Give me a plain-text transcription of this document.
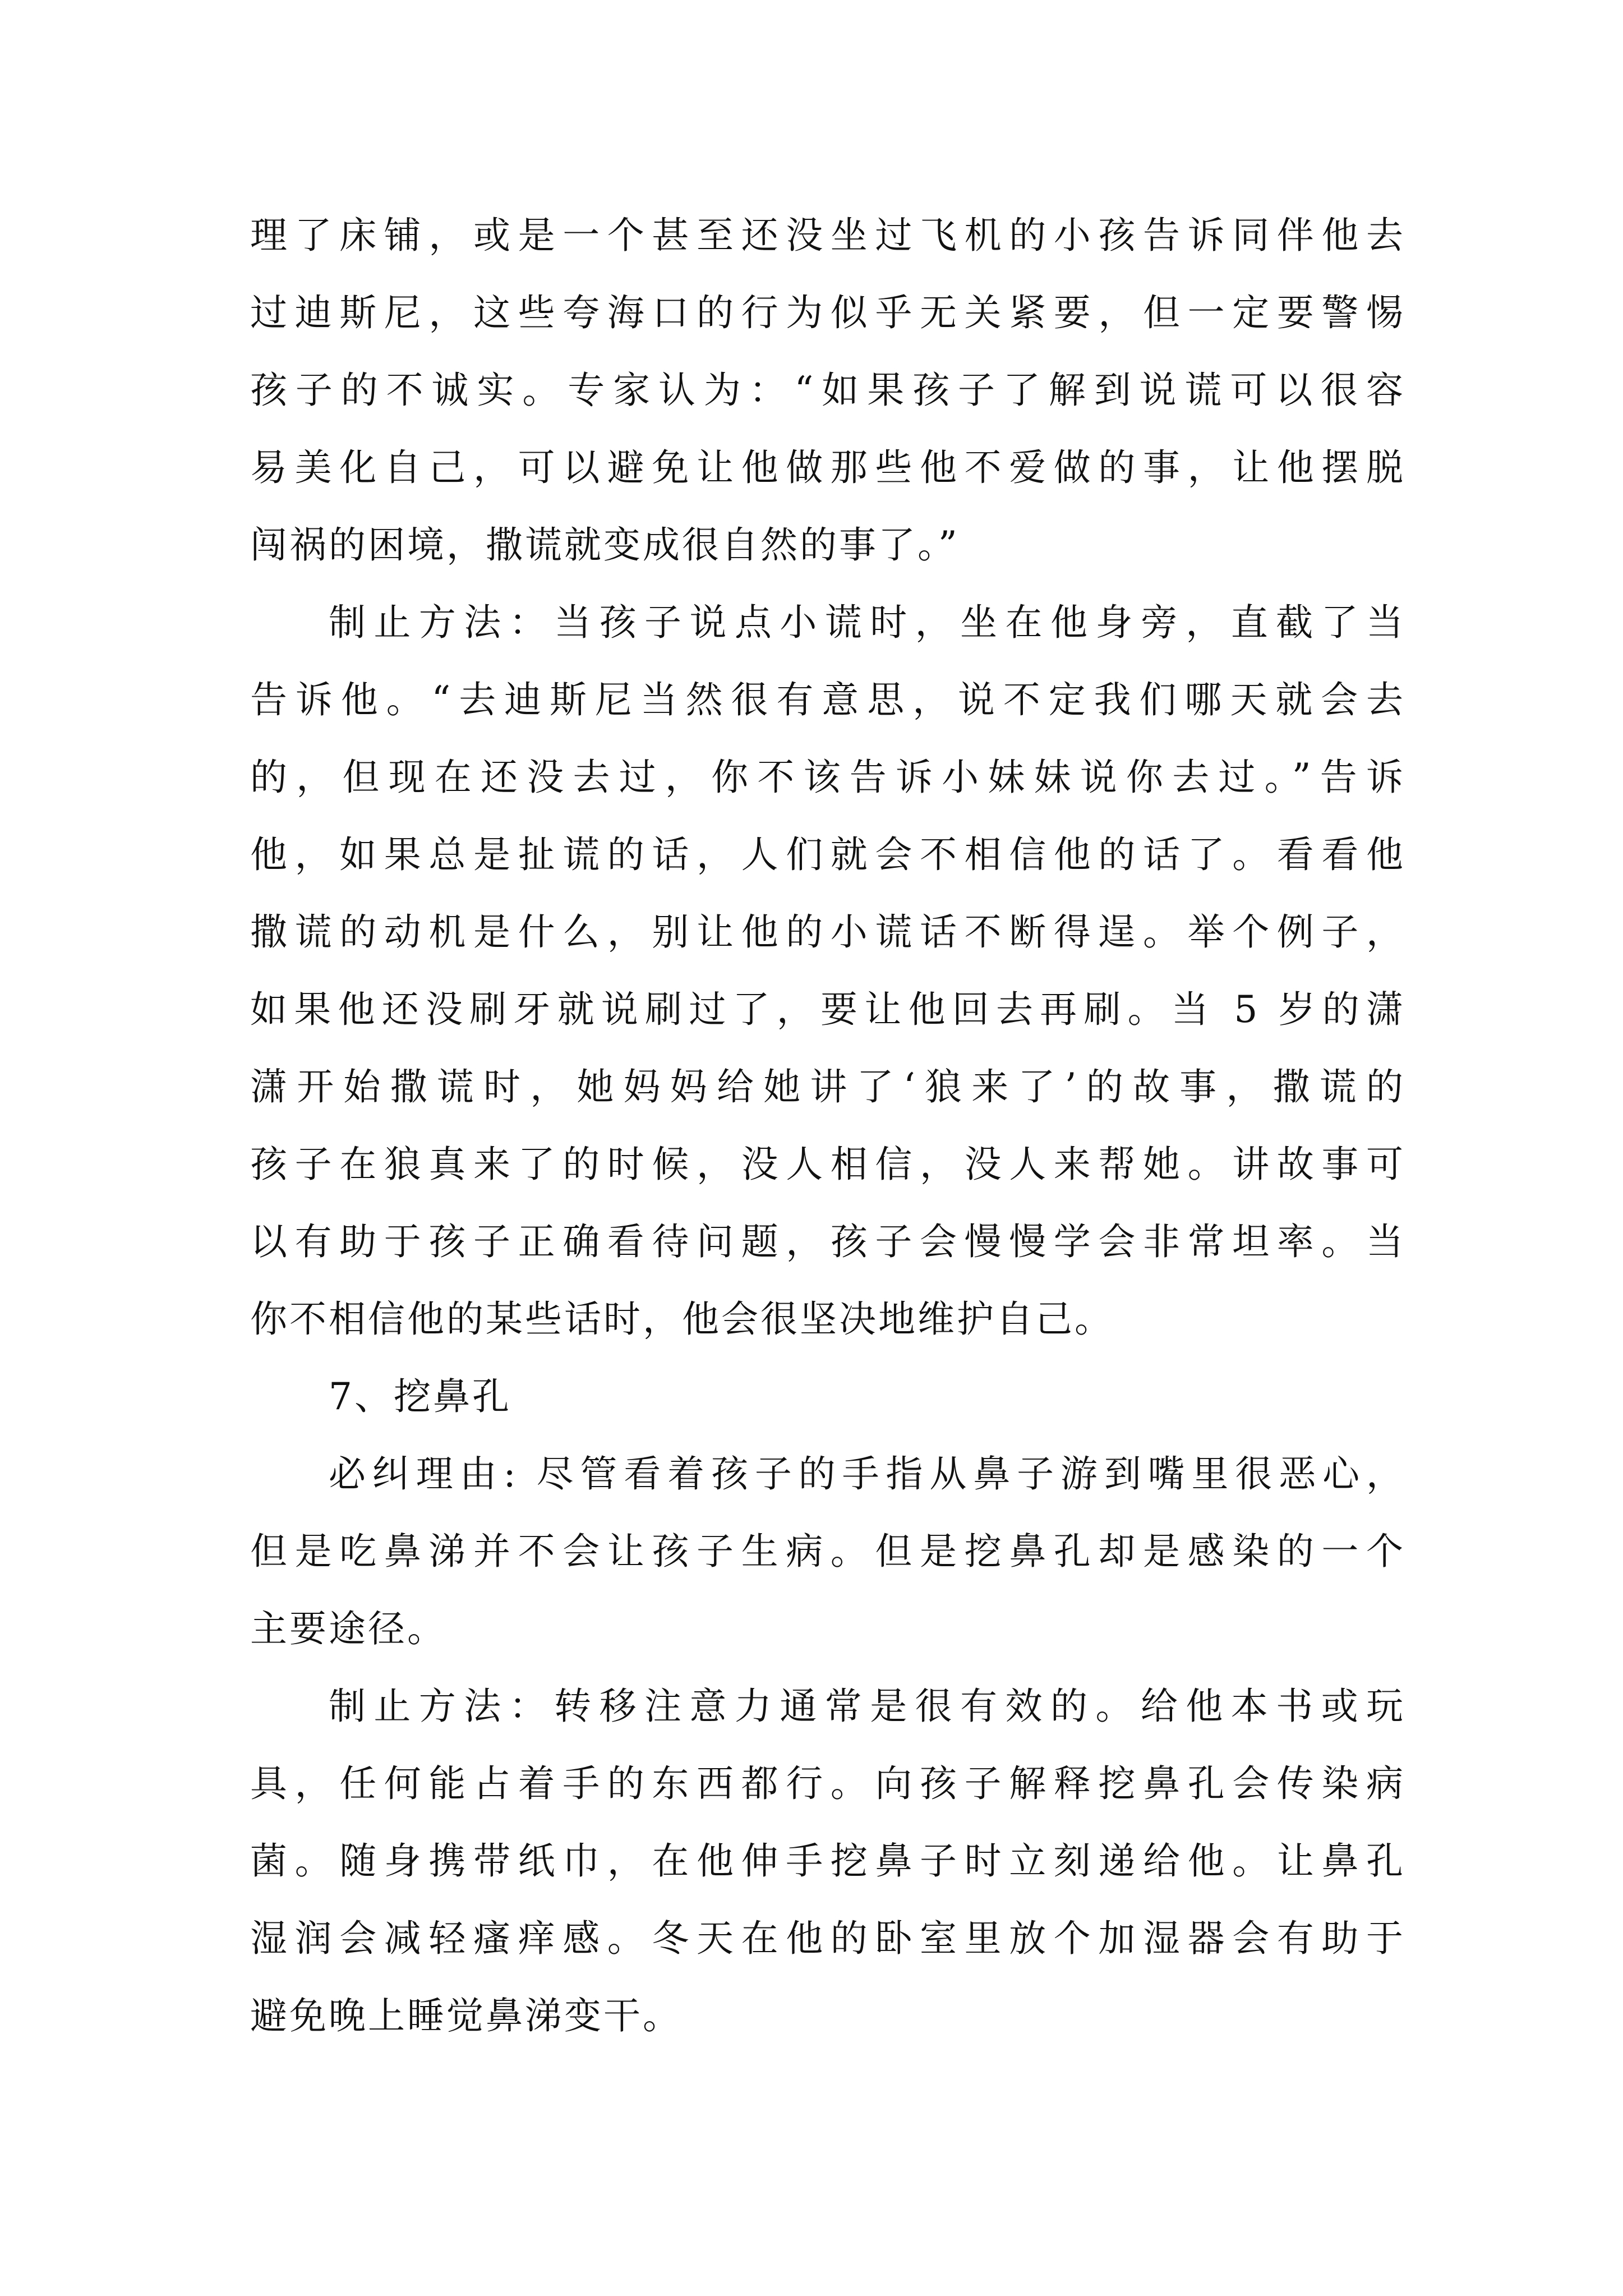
理了床铺，或是一个甚至还没坐过飞机的小孩告诉同伴他去
过迪斯尼，这些夸海口的行为似乎无关紧要，但一定要警惕
孩子的不诚实。专家认为：“如果孩子了解到说谎可以很容
易美化自己，可以避免让他做那些他不爱做的事，让他摆脱
闯祸的困境，撒谎就变成很自然的事了。”
制止方法：当孩子说点小谎时，坐在他身旁，直截了当
告诉他。“去迪斯尼当然很有意思，说不定我们哪天就会去
的，但现在还没去过，你不该告诉小妹妹说你去过。”告诉
他，如果总是扯谎的话，人们就会不相信他的话了。看看他
撒谎的动机是什么，别让他的小谎话不断得逞。举个例子，
如果他还没刷牙就说刷过了，要让他回去再刷。当 5 岁的潇
潇开始撒谎时，她妈妈给她讲了‘狼来了’的故事，撒谎的
孩子在狼真来了的时候，没人相信，没人来帮她。讲故事可
以有助于孩子正确看待问题，孩子会慢慢学会非常坦率。当
你不相信他的某些话时，他会很坚决地维护自己。
7、挖鼻孔
必纠理由: 尽管看着孩子的手指从鼻子游到嘴里很恶心，
但是吃鼻涕并不会让孩子生病。但是挖鼻孔却是感染的一个
主要途径。
制止方法：转移注意力通常是很有效的。给他本书或玩
具，任何能占着手的东西都行。向孩子解释挖鼻孔会传染病
菌。随身携带纸巾，在他伸手挖鼻子时立刻递给他。让鼻孔
湿润会减轻瘙痒感。冬天在他的卧室里放个加湿器会有助于
避免晚上睡觉鼻涕变干。
